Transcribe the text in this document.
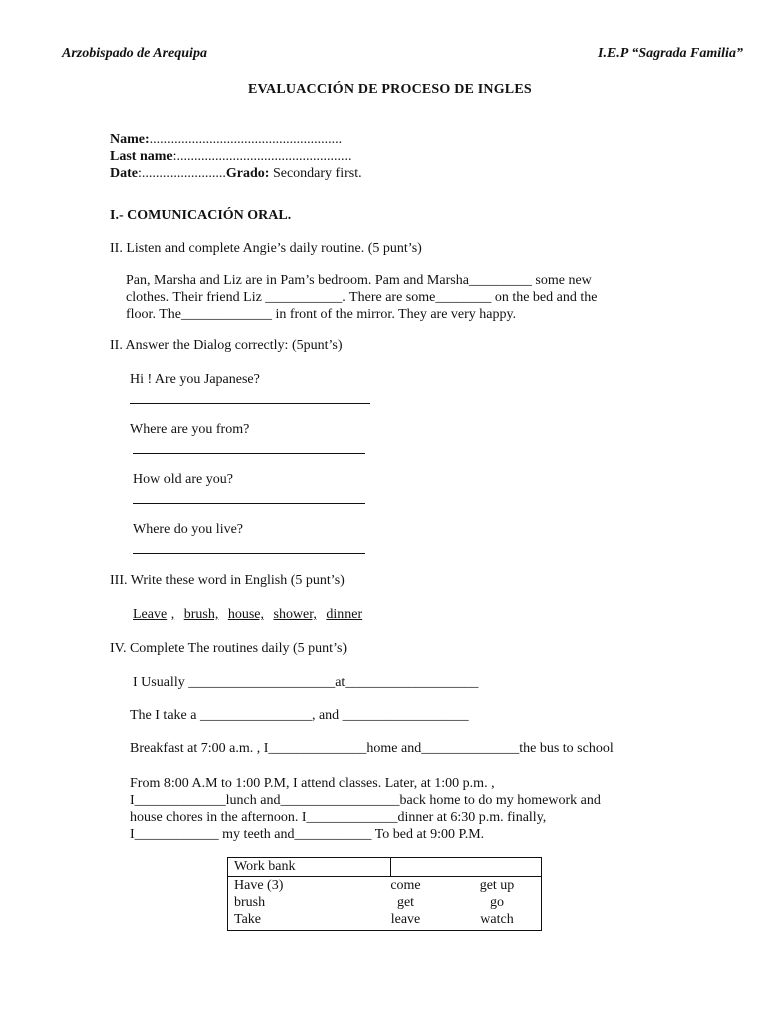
Arzobispado de Arequipa	I.E.P “Sagrada Familia”
EVALUACCIÓN DE PROCESO DE INGLES
Name:.......................................................
Last name:..................................................
Date:........................Grado: Secondary first.
I.- COMUNICACIÓN ORAL.
II. Listen and complete Angie’s daily routine. (5 punt’s)
Pan, Marsha and Liz are in Pam’s bedroom. Pam and Marsha_________ some new
clothes. Their friend Liz ___________. There are some________ on the bed and the
floor. The_____________ in front of the mirror. They are very happy.
II. Answer the Dialog correctly: (5punt’s)
Hi ! Are you Japanese?
Where are you from?
How old are you?
Where do you live?
III. Write these word in English (5 punt’s)
Leave , brush, house, shower, dinner
IV. Complete The routines daily (5 punt’s)
I Usually _____________________at___________________
The I take a ________________, and __________________
Breakfast at 7:00 a.m. , I______________home and______________the bus to school
From 8:00 A.M to 1:00 P.M, I attend classes. Later, at 1:00 p.m. ,
I_____________lunch and_________________back home to do my homework and
house chores in the afternoon. I_____________dinner at 6:30 p.m. finally,
I____________ my teeth and___________ To bed at 9:00 P.M.
Work bank	

Have (3)	come	get up
brush	get	go
Take	leave	watch
